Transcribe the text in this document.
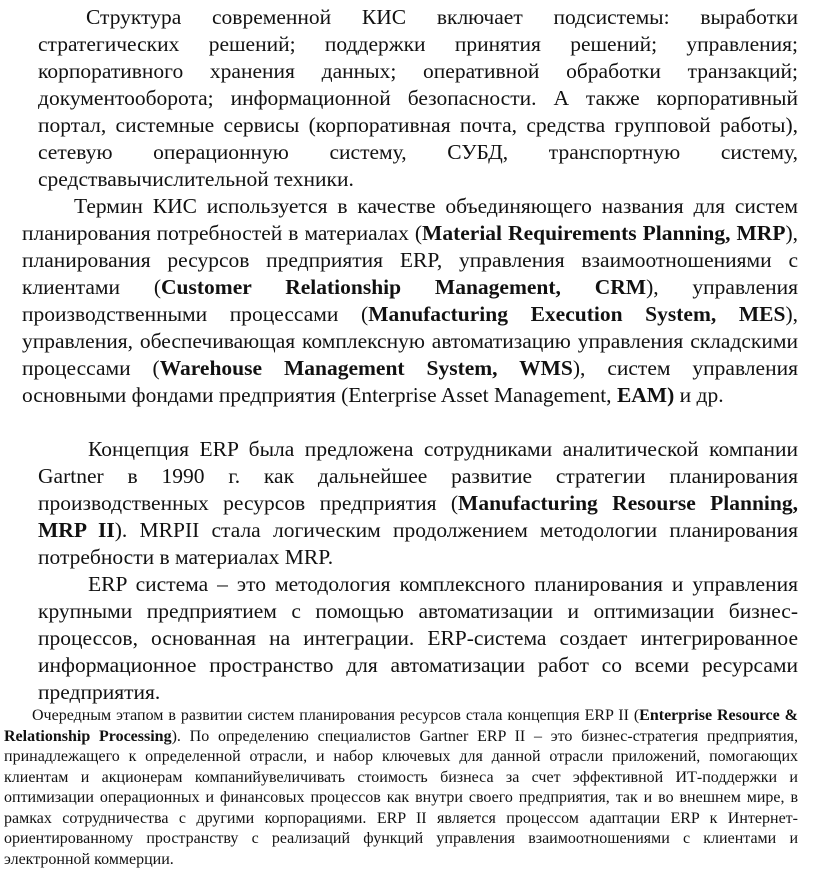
Структура современной КИС включает подсистемы: выработки стратегических решений; поддержки принятия решений; управления; корпоративного хранения данных; оперативной обработки транзакций; документооборота; информационной безопасности. А также корпоративный портал, системные сервисы (корпоративная почта, средства групповой работы), сетевую операционную систему, СУБД, транспортную систему, средствавычислительной техники.

Термин КИС используется в качестве объединяющего названия для систем планирования потребностей в материалах (Material Requirements Planning, MRP), планирования ресурсов предприятия ERP, управления взаимоотношениями с клиентами (Customer Relationship Management, CRM), управления производственными процессами (Manufacturing Execution System, MES), управления, обеспечивающая комплексную автоматизацию управления складскими процессами (Warehouse Management System, WMS), систем управления основными фондами предприятия (Enterprise Asset Management, EAM) и др.

Концепция ERP была предложена сотрудниками аналитической компании Gartner в 1990 г. как дальнейшее развитие стратегии планирования производственных ресурсов предприятия (Manufacturing Resourse Planning, MRP II). MRPII стала логическим продолжением методологии планирования потребности в материалах MRP.

ERP система – это методология комплексного планирования и управления крупными предприятием с помощью автоматизации и оптимизации бизнес- процессов, основанная на интеграции. ERP-система создает интегрированное информационное пространство для автоматизации работ со всеми ресурсами предприятия.

Очередным этапом в развитии систем планирования ресурсов стала концепция ERP II (Enterprise Resource & Relationship Processing). По определению специалистов Gartner ERP II – это бизнес-стратегия предприятия, принадлежащего к определенной отрасли, и набор ключевых для данной отрасли приложений, помогающих клиентам и акционерам компанийувеличивать стоимость бизнеса за счет эффективной ИТ-поддержки и оптимизации операционных и финансовых процессов как внутри своего предприятия, так и во внешнем мире, в рамках сотрудничества с другими корпорациями. ERP II является процессом адаптации ERP к Интернет- ориентированному пространству с реализаций функций управления взаимоотношениями с клиентами и электронной коммерции.
